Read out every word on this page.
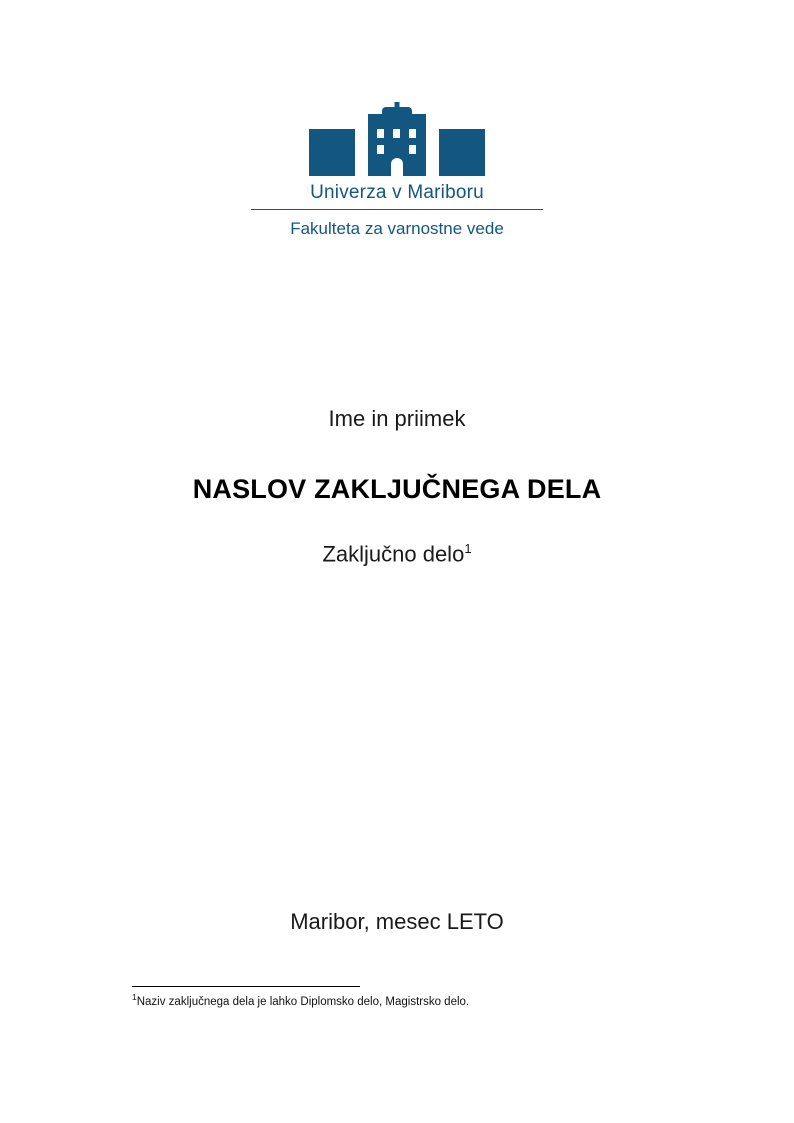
Univerza v Mariboru
Fakulteta za varnostne vede
Ime in priimek
NASLOV ZAKLJUČNEGA DELA
Zaključno delo$^1$
Maribor, mesec LETO
$^1$Naziv zaključnega dela je lahko Diplomsko delo, Magistrsko delo.
